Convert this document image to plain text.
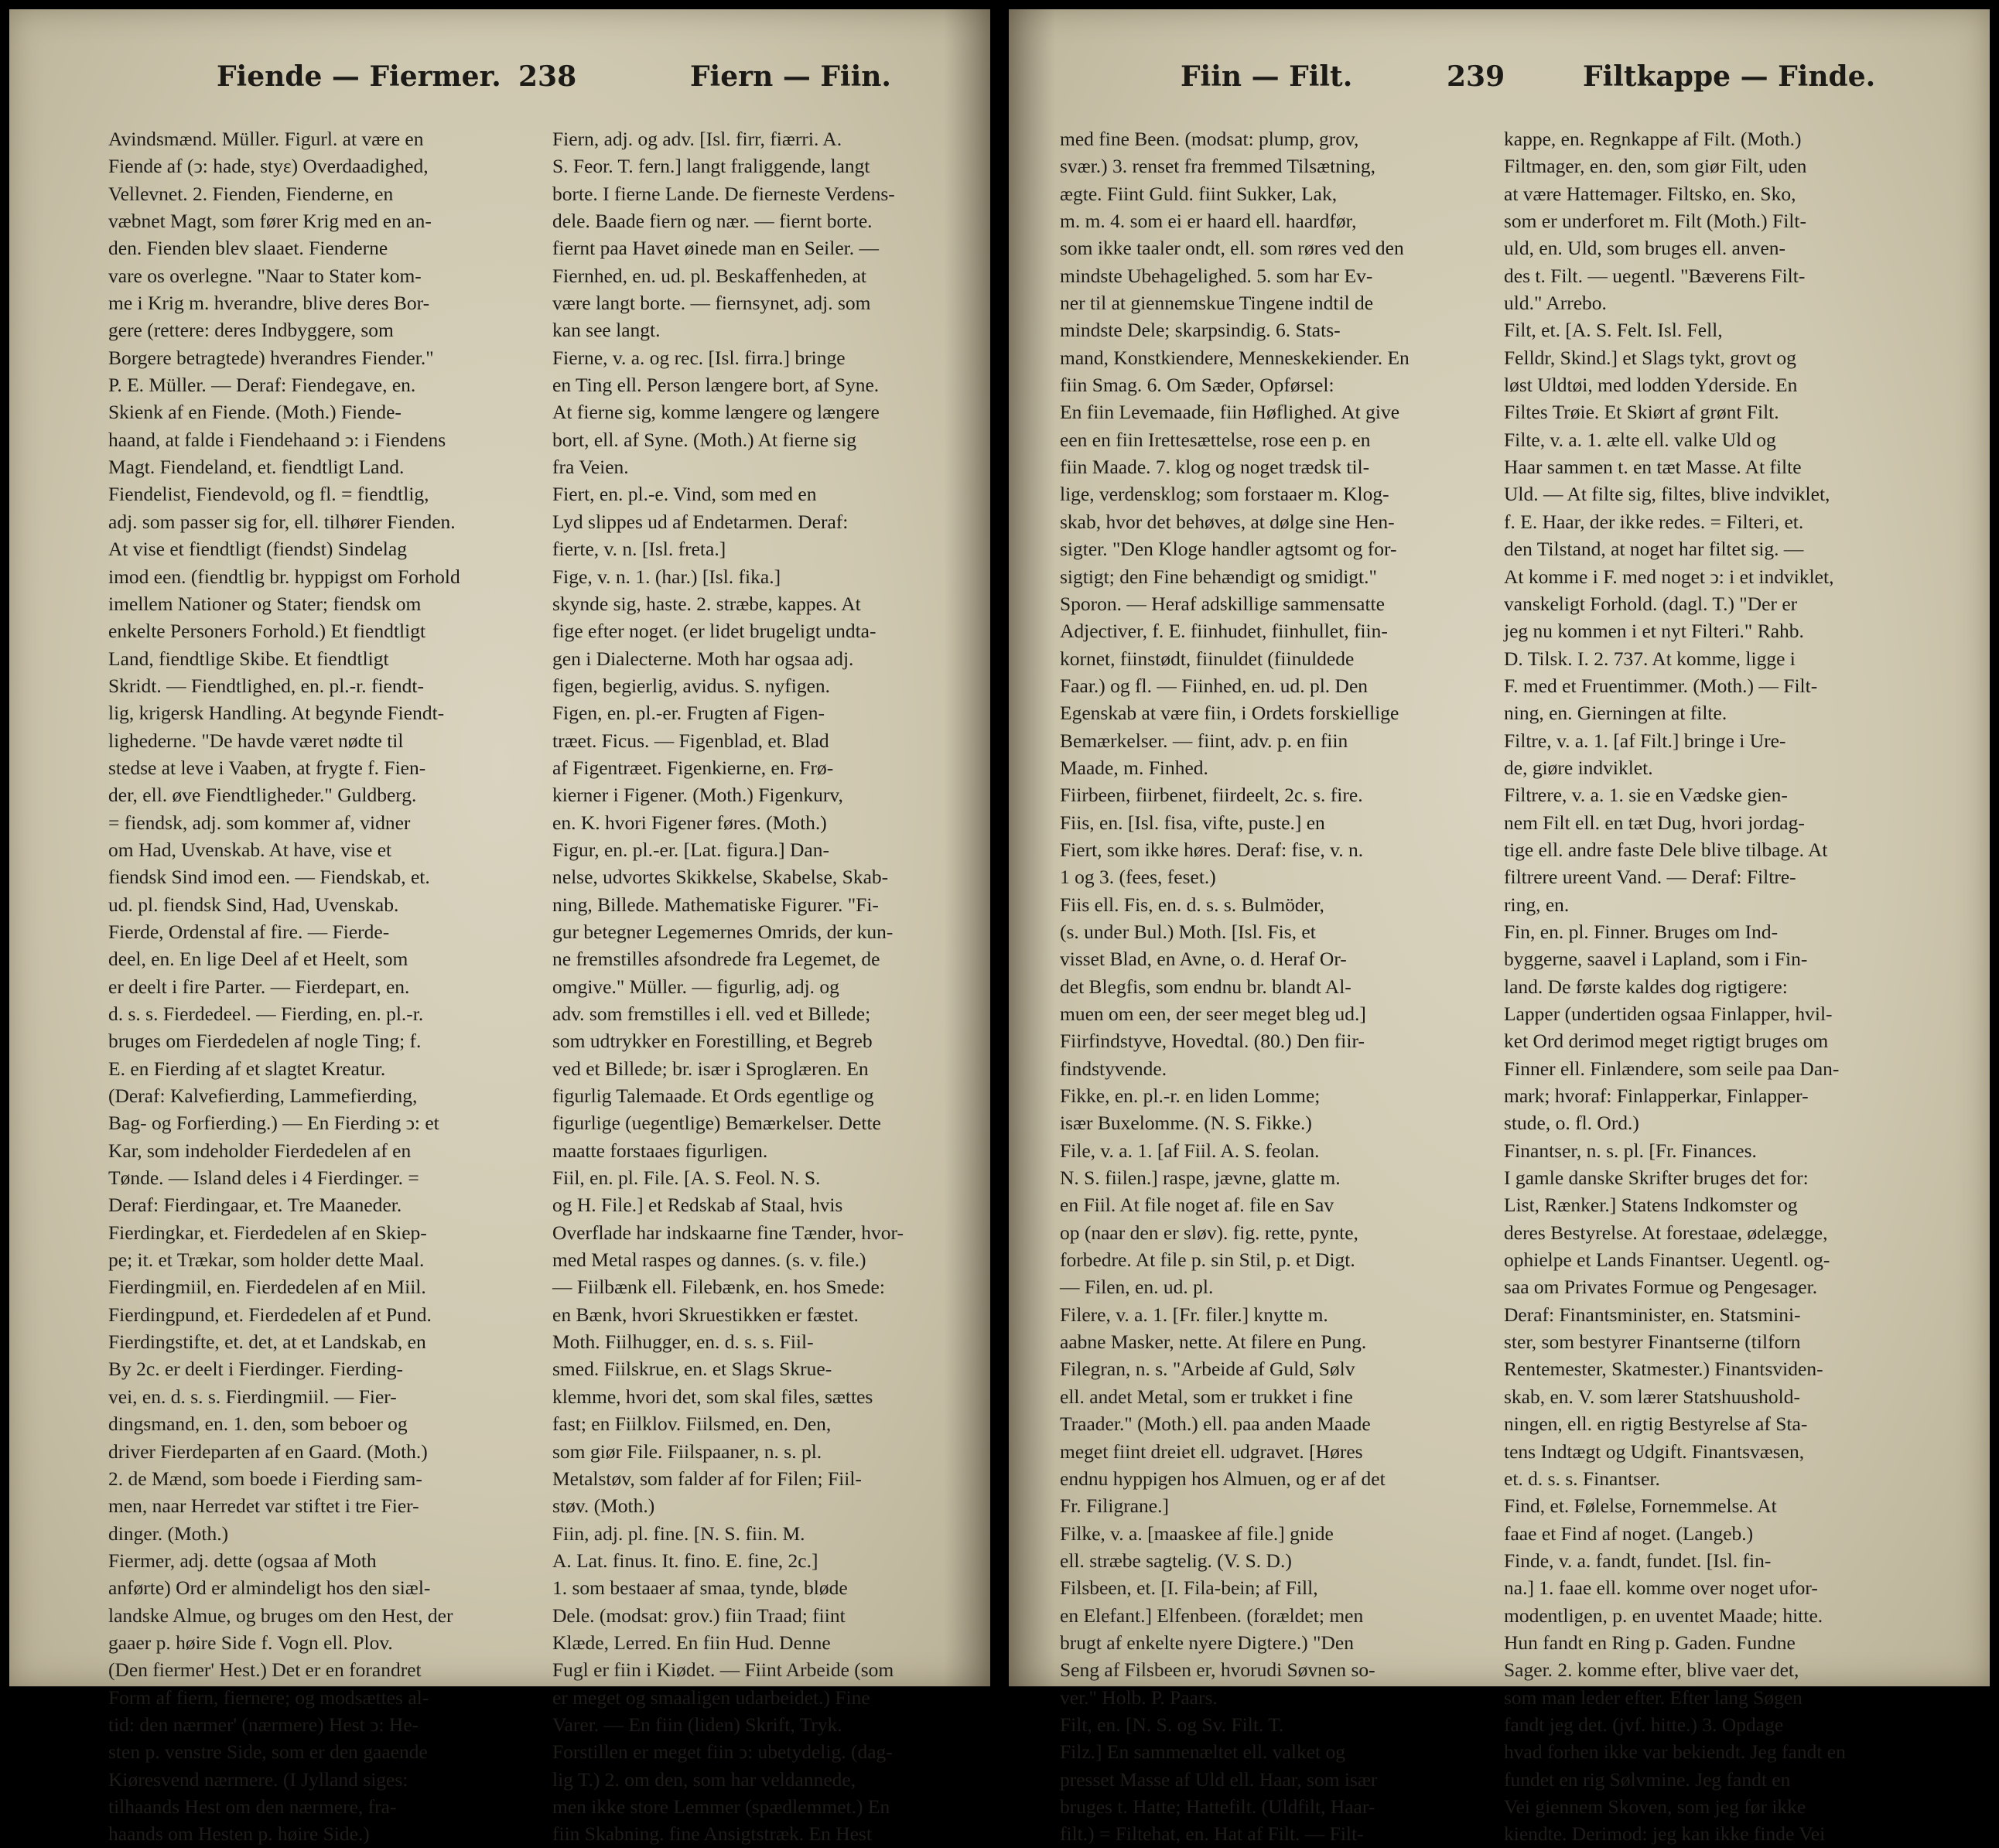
Fiende — Fiermer. 238	Fiern — Fiin.

Avindsmænd. Müller. Figurl. at være en

Fiende af (ↄ: hade, styε) Overdaadighed,

Vellevnet. 2. Fienden, Fienderne, en

væbnet Magt, som fører Krig med en an-

den. Fienden blev slaaet. Fienderne

vare os overlegne. "Naar to Stater kom-

me i Krig m. hverandre, blive deres Bor-

gere (rettere: deres Indbyggere, som

Borgere betragtede) hverandres Fiender."

P. E. Müller. — Deraf: Fiendegave, en.

Skienk af en Fiende. (Moth.) Fiende-

haand, at falde i Fiendehaand ↄ: i Fiendens

Magt. Fiendeland, et. fiendtligt Land.

Fiendelist, Fiendevold, og fl. = fiendtlig,

adj. som passer sig for, ell. tilhører Fienden.

At vise et fiendtligt (fiendst) Sindelag

imod een. (fiendtlig br. hyppigst om Forhold

imellem Nationer og Stater; fiendsk om

enkelte Personers Forhold.) Et fiendtligt

Land, fiendtlige Skibe. Et fiendtligt

Skridt. — Fiendtlighed, en. pl.-r. fiendt-

lig, krigersk Handling. At begynde Fiendt-

lighederne. "De havde været nødte til

stedse at leve i Vaaben, at frygte f. Fien-

der, ell. øve Fiendtligheder." Guldberg.

= fiendsk, adj. som kommer af, vidner

om Had, Uvenskab. At have, vise et

fiendsk Sind imod een. — Fiendskab, et.

ud. pl. fiendsk Sind, Had, Uvenskab.

Fierde, Ordenstal af fire. — Fierde-

deel, en. En lige Deel af et Heelt, som

er deelt i fire Parter. — Fierdepart, en.

d. s. s. Fierdedeel. — Fierding, en. pl.-r.

bruges om Fierdedelen af nogle Ting; f.

E. en Fierding af et slagtet Kreatur.

(Deraf: Kalvefierding, Lammefierding,

Bag- og Forfierding.) — En Fierding ↄ: et

Kar, som indeholder Fierdedelen af en

Tønde. — Island deles i 4 Fierdinger. =

Deraf: Fierdingaar, et. Tre Maaneder.

Fierdingkar, et. Fierdedelen af en Skiep-

pe; it. et Trækar, som holder dette Maal.

Fierdingmiil, en. Fierdedelen af en Miil.

Fierdingpund, et. Fierdedelen af et Pund.

Fierdingstifte, et. det, at et Landskab, en

By 2c. er deelt i Fierdinger. Fierding-

vei, en. d. s. s. Fierdingmiil. — Fier-

dingsmand, en. 1. den, som beboer og

driver Fierdeparten af en Gaard. (Moth.)

2. de Mænd, som boede i Fierding sam-

men, naar Herredet var stiftet i tre Fier-

dinger. (Moth.)

Fiermer, adj. dette (ogsaa af Moth

anførte) Ord er almindeligt hos den siæl-

landske Almue, og bruges om den Hest, der

gaaer p. høire Side f. Vogn ell. Plov.

(Den fiermer' Hest.) Det er en forandret

Form af fiern, fiernere; og modsættes al-

tid: den nærmer' (nærmere) Hest ↄ: He-

sten p. venstre Side, som er den gaaende

Kiøresvend nærmere. (I Jylland siges:

tilhaands Hest om den nærmere, fra-

haands om Hesten p. høire Side.)

Fiern, adj. og adv. [Isl. firr, fiærri. A.

S. Feor. T. fern.] langt fraliggende, langt

borte. I fierne Lande. De fierneste Verdens-

dele. Baade fiern og nær. — fiernt borte.

fiernt paa Havet øinede man en Seiler. —

Fiernhed, en. ud. pl. Beskaffenheden, at

være langt borte. — fiernsynet, adj. som

kan see langt.

Fierne, v. a. og rec. [Isl. firra.] bringe

en Ting ell. Person længere bort, af Syne.

At fierne sig, komme længere og længere

bort, ell. af Syne. (Moth.) At fierne sig

fra Veien.

Fiert, en. pl.-e. Vind, som med en

Lyd slippes ud af Endetarmen. Deraf:

fierte, v. n. [Isl. freta.]

Fige, v. n. 1. (har.) [Isl. fika.]

skynde sig, haste. 2. stræbe, kappes. At

fige efter noget. (er lidet brugeligt undta-

gen i Dialecterne. Moth har ogsaa adj.

figen, begierlig, avidus. S. nyfigen.

Figen, en. pl.-er. Frugten af Figen-

træet. Ficus. — Figenblad, et. Blad

af Figentræet. Figenkierne, en. Frø-

kierner i Figener. (Moth.) Figenkurv,

en. K. hvori Figener føres. (Moth.)

Figur, en. pl.-er. [Lat. figura.] Dan-

nelse, udvortes Skikkelse, Skabelse, Skab-

ning, Billede. Mathematiske Figurer. "Fi-

gur betegner Legemernes Omrids, der kun-

ne fremstilles afsondrede fra Legemet, de

omgive." Müller. — figurlig, adj. og

adv. som fremstilles i ell. ved et Billede;

som udtrykker en Forestilling, et Begreb

ved et Billede; br. især i Sproglæren. En

figurlig Talemaade. Et Ords egentlige og

figurlige (uegentlige) Bemærkelser. Dette

maatte forstaaes figurligen.

Fiil, en. pl. File. [A. S. Feol. N. S.

og H. File.] et Redskab af Staal, hvis

Overflade har indskaarne fine Tænder, hvor-

med Metal raspes og dannes. (s. v. file.)

— Fiilbænk ell. Filebænk, en. hos Smede:

en Bænk, hvori Skruestikken er fæstet.

Moth. Fiilhugger, en. d. s. s. Fiil-

smed. Fiilskrue, en. et Slags Skrue-

klemme, hvori det, som skal files, sættes

fast; en Fiilklov. Fiilsmed, en. Den,

som giør File. Fiilspaaner, n. s. pl.

Metalstøv, som falder af for Filen; Fiil-

støv. (Moth.)

Fiin, adj. pl. fine. [N. S. fiin. M.

A. Lat. finus. It. fino. E. fine, 2c.]

1. som bestaaer af smaa, tynde, bløde

Dele. (modsat: grov.) fiin Traad; fiint

Klæde, Lerred. En fiin Hud. Denne

Fugl er fiin i Kiødet. — Fiint Arbeide (som

er meget og smaaligen udarbeidet.) Fine

Varer. — En fiin (liden) Skrift, Tryk.

Forstillen er meget fiin ↄ: ubetydelig. (dag-

lig T.) 2. om den, som har veldannede,

men ikke store Lemmer (spædlemmet.) En

fiin Skabning. fine Ansigtstræk. En Hest

Fiin — Filt.	239	Filtkappe — Finde.

med fine Been. (modsat: plump, grov,

svær.) 3. renset fra fremmed Tilsætning,

ægte. Fiint Guld. fiint Sukker, Lak,

m. m. 4. som ei er haard ell. haardfør,

som ikke taaler ondt, ell. som røres ved den

mindste Ubehagelighed. 5. som har Ev-

ner til at giennemskue Tingene indtil de

mindste Dele; skarpsindig. 6. Stats-

mand, Konstkiendere, Menneskekiender. En

fiin Smag. 6. Om Sæder, Opførsel:

En fiin Levemaade, fiin Høflighed. At give

een en fiin Irettesættelse, rose een p. en

fiin Maade. 7. klog og noget trædsk til-

lige, verdensklog; som forstaaer m. Klog-

skab, hvor det behøves, at dølge sine Hen-

sigter. "Den Kloge handler agtsomt og for-

sigtigt; den Fine behændigt og smidigt."

Sporon. — Heraf adskillige sammensatte

Adjectiver, f. E. fiinhudet, fiinhullet, fiin-

kornet, fiinstødt, fiinuldet (fiinuldede

Faar.) og fl. — Fiinhed, en. ud. pl. Den

Egenskab at være fiin, i Ordets forskiellige

Bemærkelser. — fiint, adv. p. en fiin

Maade, m. Finhed.

Fiirbeen, fiirbenet, fiirdeelt, 2c. s. fire.

Fiis, en. [Isl. fisa, vifte, puste.] en

Fiert, som ikke høres. Deraf: fise, v. n.

1 og 3. (fees, feset.)

Fiis ell. Fis, en. d. s. s. Bulmöder,

(s. under Bul.) Moth. [Isl. Fis, et

visset Blad, en Avne, o. d. Heraf Or-

det Blegfis, som endnu br. blandt Al-

muen om een, der seer meget bleg ud.]

Fiirfindstyve, Hovedtal. (80.) Den fiir-

findstyvende.

Fikke, en. pl.-r. en liden Lomme;

især Buxelomme. (N. S. Fikke.)

File, v. a. 1. [af Fiil. A. S. feolan.

N. S. fiilen.] raspe, jævne, glatte m.

en Fiil. At file noget af. file en Sav

op (naar den er sløv). fig. rette, pynte,

forbedre. At file p. sin Stil, p. et Digt.

— Filen, en. ud. pl.

Filere, v. a. 1. [Fr. filer.] knytte m.

aabne Masker, nette. At filere en Pung.

Filegran, n. s. "Arbeide af Guld, Sølv

ell. andet Metal, som er trukket i fine

Traader." (Moth.) ell. paa anden Maade

meget fiint dreiet ell. udgravet. [Høres

endnu hyppigen hos Almuen, og er af det

Fr. Filigrane.]

Filke, v. a. [maaskee af file.] gnide

ell. stræbe sagtelig. (V. S. D.)

Filsbeen, et. [I. Fila-bein; af Fill,

en Elefant.] Elfenbeen. (forældet; men

brugt af enkelte nyere Digtere.) "Den

Seng af Filsbeen er, hvorudi Søvnen so-

ver." Holb. P. Paars.

Filt, en. [N. S. og Sv. Filt. T.

Filz.] En sammenæltet ell. valket og

presset Masse af Uld ell. Haar, som især

bruges t. Hatte; Hattefilt. (Uldfilt, Haar-

filt.) = Filtehat, en. Hat af Filt. — Filt-

kappe, en. Regnkappe af Filt. (Moth.)

Filtmager, en. den, som giør Filt, uden

at være Hattemager. Filtsko, en. Sko,

som er underforet m. Filt (Moth.) Filt-

uld, en. Uld, som bruges ell. anven-

des t. Filt. — uegentl. "Bæverens Filt-

uld." Arrebo.

Filt, et. [A. S. Felt. Isl. Fell,

Felldr, Skind.] et Slags tykt, grovt og

løst Uldtøi, med lodden Yderside. En

Filtes Trøie. Et Skiørt af grønt Filt.

Filte, v. a. 1. ælte ell. valke Uld og

Haar sammen t. en tæt Masse. At filte

Uld. — At filte sig, filtes, blive indviklet,

f. E. Haar, der ikke redes. = Filteri, et.

den Tilstand, at noget har filtet sig. —

At komme i F. med noget ↄ: i et indviklet,

vanskeligt Forhold. (dagl. T.) "Der er

jeg nu kommen i et nyt Filteri." Rahb.

D. Tilsk. I. 2. 737. At komme, ligge i

F. med et Fruentimmer. (Moth.) — Filt-

ning, en. Gierningen at filte.

Filtre, v. a. 1. [af Filt.] bringe i Ure-

de, giøre indviklet.

Filtrere, v. a. 1. sie en Vædske gien-

nem Filt ell. en tæt Dug, hvori jordag-

tige ell. andre faste Dele blive tilbage. At

filtrere ureent Vand. — Deraf: Filtre-

ring, en.

Fin, en. pl. Finner. Bruges om Ind-

byggerne, saavel i Lapland, som i Fin-

land. De første kaldes dog rigtigere:

Lapper (undertiden ogsaa Finlapper, hvil-

ket Ord derimod meget rigtigt bruges om

Finner ell. Finlændere, som seile paa Dan-

mark; hvoraf: Finlapperkar, Finlapper-

stude, o. fl. Ord.)

Finantser, n. s. pl. [Fr. Finances.

I gamle danske Skrifter bruges det for:

List, Rænker.] Statens Indkomster og

deres Bestyrelse. At forestaae, ødelægge,

ophielpe et Lands Finantser. Uegentl. og-

saa om Privates Formue og Pengesager.

Deraf: Finantsminister, en. Statsmini-

ster, som bestyrer Finantserne (tilforn

Rentemester, Skatmester.) Finantsviden-

skab, en. V. som lærer Statshuushold-

ningen, ell. en rigtig Bestyrelse af Sta-

tens Indtægt og Udgift. Finantsvæsen,

et. d. s. s. Finantser.

Find, et. Følelse, Fornemmelse. At

faae et Find af noget. (Langeb.)

Finde, v. a. fandt, fundet. [Isl. fin-

na.] 1. faae ell. komme over noget ufor-

modentligen, p. en uventet Maade; hitte.

Hun fandt en Ring p. Gaden. Fundne

Sager. 2. komme efter, blive vaer det,

som man leder efter. Efter lang Søgen

fandt jeg det. (jvf. hitte.) 3. Opdage

hvad forhen ikke var bekiendt. Jeg fandt en

fundet en rig Sølvmine. Jeg fandt en

Vei giennem Skoven, som jeg før ikke

kiendte. Derimod: jeg kan ikke finde Vei
